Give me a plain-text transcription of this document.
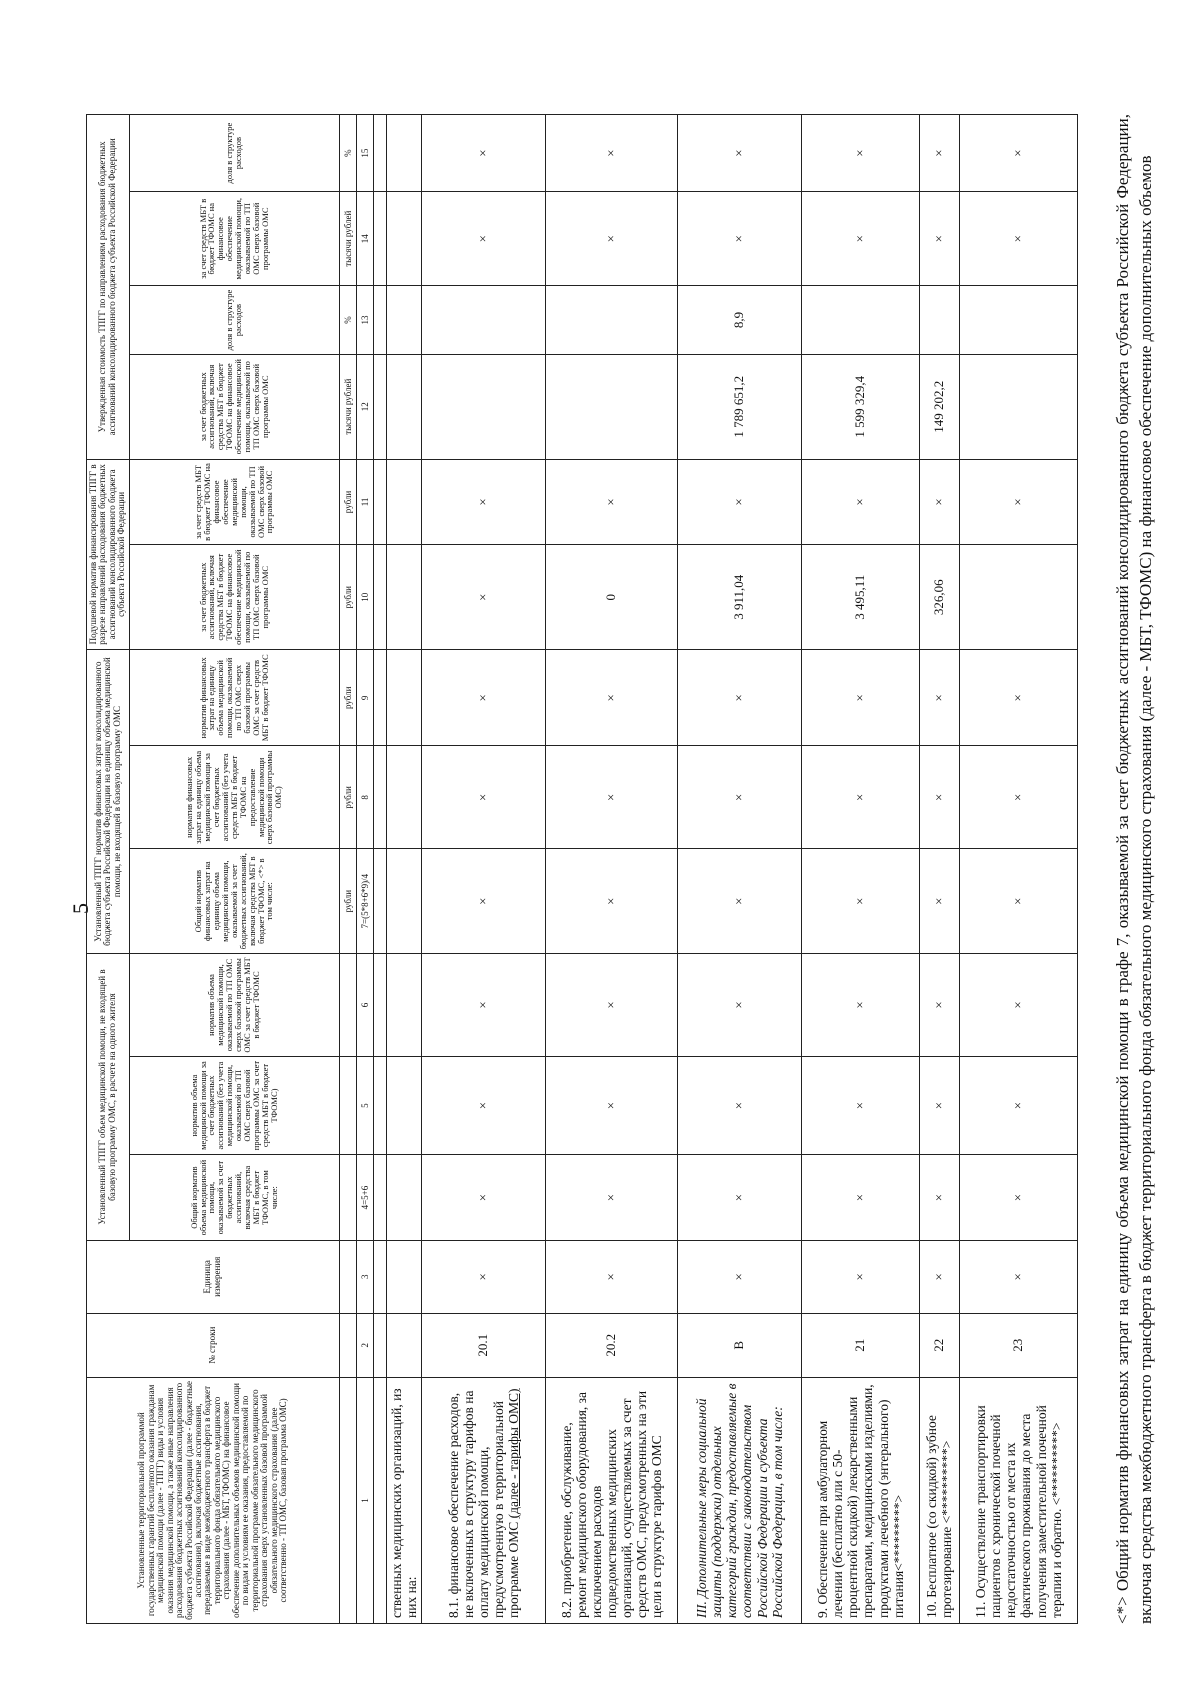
5
Установленные территориальной программой государственных гарантий бесплатного оказания гражданам медицинской помощи (далее - ТПГГ) виды и условия оказания медицинской помощи, а также иные направления расходования бюджетных ассигнований консолидированного бюджета субъекта Российской Федерации (далее - бюджетные ассигнования), включая бюджетные ассигнования, передаваемые в виде межбюджетного трансферта в бюджет территориального фонда обязательного медицинского страхования (далее - МБТ, ТФОМС) на финансовое обеспечение дополнительных объемов медицинской помощи по видам и условиям ее оказания, предоставляемой по территориальной программе обязательного медицинского страхования сверх установленных базовой программой обязательного медицинского страхования (далее соответственно - ТП ОМС, базовая программа ОМС)	№ строки	Единица измерения	Установленный ТПГГ объем медицинской помощи, не входящей в базовую программу ОМС, в расчете на одного жителя			Установленный ТПГГ норматив финансовых затрат консолидированного бюджета субъекта Российской Федерации на единицу объема медицинской помощи, не входящей в базовую программу ОМС			Подушевой норматив финансирования ТПГГ в разрезе направлений расходования бюджетных ассигнований консолидированного бюджета субъекта Российской Федерации		Утвержденная стоимость ТПГГ по направлениям расходования бюджетных ассигнований консолидированного бюджета субъекта Российской Федерации			
			Общий норматив объема медицинской помощи, оказываемой за счет бюджетных ассигнований, включая средства МБТ в бюджет ТФОМС, в том числе:	норматив объема медицинской помощи за счет бюджетных ассигнований (без учета медицинской помощи, оказываемой по ТП ОМС сверх базовой программы ОМС за счет средств МБТ в бюджет ТФОМС)	норматив объема медицинской помощи, оказываемой по ТП ОМС сверх базовой программы ОМС за счет средств МБТ в бюджет ТФОМС	Общий норматив финансовых затрат на единицу объема медицинской помощи, оказываемой за счет бюджетных ассигнований, включая средства МБТ в бюджет ТФОМС, <*> в том числе:	норматив финансовых затрат на единицу объема медицинской помощи за счет бюджетных ассигнований (без учета средств МБТ в бюджет ТФОМС на предоставление медицинской помощи сверх базовой программы ОМС)	норматив финансовых затрат на единицу объема медицинской помощи, оказываемой по ТП ОМС сверх базовой программы ОМС за счет средств МБТ в бюджет ТФОМС	за счет бюджетных ассигнований, включая средства МБТ в бюджет ТФОМС на финансовое обеспечение медицинской помощи, оказываемой по ТП ОМС сверх базовой программы ОМС	за счет средств МБТ в бюджет ТФОМС на финансовое обеспечение медицинской помощи, оказываемой по ТП ОМС сверх базовой программы ОМС	за счет бюджетных ассигнований, включая средства МБТ в бюджет ТФОМС на финансовое обеспечение медицинской помощи, оказываемой по ТП ОМС сверх базовой программы ОМС	доля в структуре расходов	за счет средств МБТ в бюджет ТФОМС на финансовое обеспечение медицинской помощи, оказываемой по ТП ОМС сверх базовой программы ОМС	доля в структуре расходов
						рубли	рубли	рубли	рубли	рубли	тысячи рублей	%	тысячи рублей	%
1	2	3	4=5+6	5	6	7=(5*8+6*9)/4	8	9	10	11	12	13	14	15

ственных медицинских организаций, из них на:														
8.1. финансовое обеспечение расходов, не включенных в структуру тарифов на оплату медицинской помощи, предусмотренную в территориальной программе ОМС (далее - тарифы ОМС)	20.1	×	×	×	×	×	×	×	×	×			×	×
8.2. приобретение, обслуживание, ремонт медицинского оборудования, за исключением расходов подведомственных медицинских организаций, осуществляемых за счет средств ОМС, предусмотренных на эти цели в структуре тарифов ОМС	20.2	×	×	×	×	×	×	×	0	×			×	×
III. Дополнительные меры социальной защиты (поддержки) отдельных категорий граждан, предоставляемые в соответствии с законодательством Российской Федерации и субъекта Российской Федерации, в том числе:	В	×	×	×	×	×	×	×	3 911,04	×	1 789 651,2	8,9	×	×
9. Обеспечение при амбулаторном лечении (бесплатно или с 50-процентной скидкой) лекарственными препаратами, медицинскими изделиями, продуктами лечебного (энтерального) питания<*********>	21	×	×	×	×	×	×	×	3 495,11	×	1 599 329,4		×	×
10. Бесплатное (со скидкой) зубное протезирование <**********>	22	×	×	×	×	×	×	×	326,06	×	149 202,2		×	×
11. Осуществление транспортировки пациентов с хронической почечной недостаточностью от места их фактического проживания до места получения заместительной почечной терапии и обратно. <**********>	23	×	×	×	×	×	×	×		×			×	×	<*> Общий норматив финансовых затрат на единицу объема медицинской помощи в графе 7, оказываемой за счет бюджетных ассигнований консолидированного бюджета субъекта Российской Федерации, включая средства межбюджетного трансферта в бюджет территориального фонда обязательного медицинского страхования (далее - МБТ, ТФОМС) на финансовое обеспечение дополнительных объемов
